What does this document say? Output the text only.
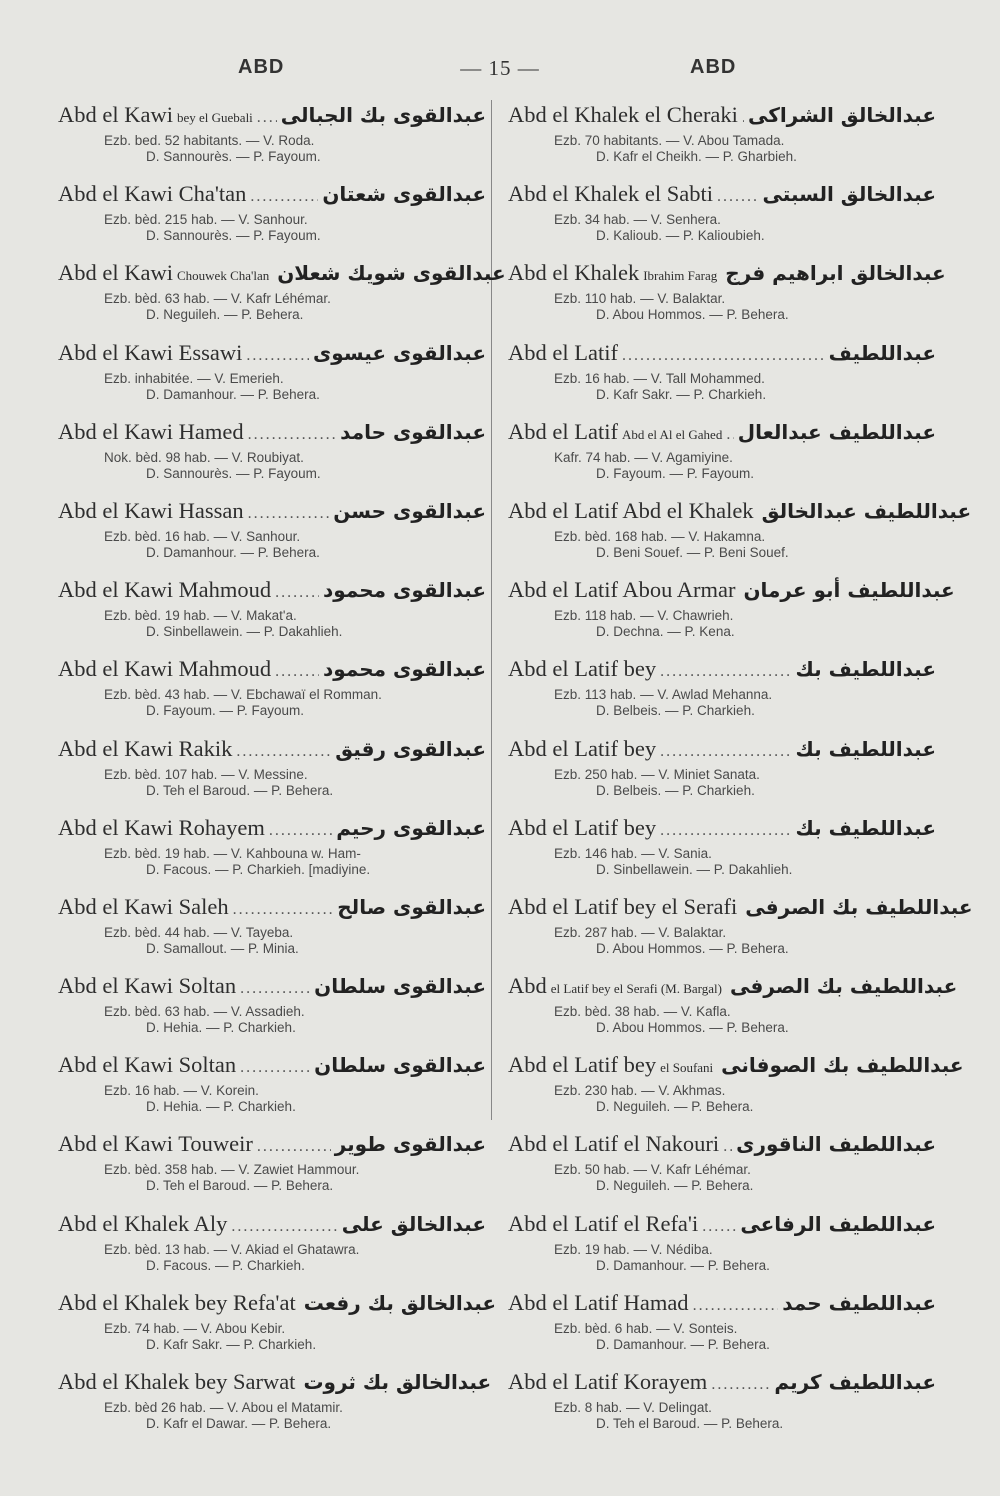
ABD	— 15 —	ABD
Abd el Kawi bey el Guebali ..... عبدالقوى بك الجبالى
Ezb. bed. 52 habitants. — V. Roda.
D. Sannourès. — P. Fayoum.
Abd el Kawi Cha'tan .....	عبدالقوى شعتان
Ezb. bèd. 215 hab. — V. Sanhour.
D. Sannourès. — P. Fayoum.
Abd el Kawi Chouwek Cha'lan عبدالقوى شويك شعلان
Ezb. bèd. 63 hab. — V. Kafr Léhémar.
D. Neguileh. — P. Behera.
Abd el Kawi Essawi .....	عبدالقوى عيسوى
Ezb. inhabitée. — V. Emerieh.
D. Damanhour. — P. Behera.
Abd el Kawi Hamed .....	عبدالقوى حامد
Nok. bèd. 98 hab. — V. Roubiyat.
D. Sannourès. — P. Fayoum.
Abd el Kawi Hassan .....	عبدالقوى حسن
Ezb. bèd. 16 hab. — V. Sanhour.
D. Damanhour. — P. Behera.
Abd el Kawi Mahmoud .....	عبدالقوى محمود
Ezb. bèd. 19 hab. — V. Makat'a.
D. Sinbellawein. — P. Dakahlieh.
Abd el Kawi Mahmoud .....	عبدالقوى محمود
Ezb. bèd. 43 hab. — V. Ebchawaï el Romman.
D. Fayoum. — P. Fayoum.
Abd el Kawi Rakik .....	عبدالقوى رقيق
Ezb. bèd. 107 hab. — V. Messine.
D. Teh el Baroud. — P. Behera.
Abd el Kawi Rohayem .....	عبدالقوى رحيم
Ezb. bèd. 19 hab. — V. Kahbouna w. Ham-
D. Facous. — P. Charkieh. [madiyine.
Abd el Kawi Saleh .....	عبدالقوى صالح
Ezb. bèd. 44 hab. — V. Tayeba.
D. Samallout. — P. Minia.
Abd el Kawi Soltan .....	عبدالقوى سلطان
Ezb. bèd. 63 hab. — V. Assadieh.
D. Hehia. — P. Charkieh.
Abd el Kawi Soltan .....	عبدالقوى سلطان
Ezb. 16 hab. — V. Korein.
D. Hehia. — P. Charkieh.
Abd el Kawi Touweir .....	عبدالقوى طوير
Ezb. bèd. 358 hab. — V. Zawiet Hammour.
D. Teh el Baroud. — P. Behera.
Abd el Khalek Aly .....	عبدالخالق على
Ezb. bèd. 13 hab. — V. Akiad el Ghatawra.
D. Facous. — P. Charkieh.
Abd el Khalek bey Refa'at عبدالخالق بك رفعت
Ezb. 74 hab. — V. Abou Kebir.
D. Kafr Sakr. — P. Charkieh.
Abd el Khalek bey Sarwat عبدالخالق بك ثروت
Ezb. bèd 26 hab. — V. Abou el Matamir.
D. Kafr el Dawar. — P. Behera.
Abd el Khalek el Cheraki ..... عبدالخالق الشراكى
Ezb. 70 habitants. — V. Abou Tamada.
D. Kafr el Cheikh. — P. Gharbieh.
Abd el Khalek el Sabti ..... عبدالخالق السبتى
Ezb. 34 hab. — V. Senhera.
D. Kalioub. — P. Kalioubieh.
Abd el Khalek Ibrahim Farag عبدالخالق ابراهيم فرج
Ezb. 110 hab. — V. Balaktar.
D. Abou Hommos. — P. Behera.
Abd el Latif .....	عبداللطيف
Ezb. 16 hab. — V. Tall Mohammed.
D. Kafr Sakr. — P. Charkieh.
Abd el Latif Abd el Al el Gahed ..... عبداللطيف عبدالعال
Kafr. 74 hab. — V. Agamiyine.
D. Fayoum. — P. Fayoum.
Abd el Latif Abd el Khalek عبداللطيف عبدالخالق
Ezb. bèd. 168 hab. — V. Hakamna.
D. Beni Souef. — P. Beni Souef.
Abd el Latif Abou Armar عبداللطيف أبو عرمان
Ezb. 118 hab. — V. Chawrieh.
D. Dechna. — P. Kena.
Abd el Latif bey .....	عبداللطيف بك
Ezb. 113 hab. — V. Awlad Mehanna.
D. Belbeis. — P. Charkieh.
Abd el Latif bey .....	عبداللطيف بك
Ezb. 250 hab. — V. Miniet Sanata.
D. Belbeis. — P. Charkieh.
Abd el Latif bey .....	عبداللطيف بك
Ezb. 146 hab. — V. Sania.
D. Sinbellawein. — P. Dakahlieh.
Abd el Latif bey el Serafi عبداللطيف بك الصرفى
Ezb. 287 hab. — V. Balaktar.
D. Abou Hommos. — P. Behera.
Abd el Latif bey el Serafi (M. Bargal) عبداللطيف بك الصرفى
Ezb. bèd. 38 hab. — V. Kafla.
D. Abou Hommos. — P. Behera.
Abd el Latif bey el Soufani عبداللطيف بك الصوفانى
Ezb. 230 hab. — V. Akhmas.
D. Neguileh. — P. Behera.
Abd el Latif el Nakouri ..... عبداللطيف الناقورى
Ezb. 50 hab. — V. Kafr Léhémar.
D. Neguileh. — P. Behera.
Abd el Latif el Refa'i ..... عبداللطيف الرفاعى
Ezb. 19 hab. — V. Nédiba.
D. Damanhour. — P. Behera.
Abd el Latif Hamad .....	عبداللطيف حمد
Ezb. bèd. 6 hab. — V. Sonteis.
D. Damanhour. — P. Behera.
Abd el Latif Korayem .....	عبداللطيف كريم
Ezb. 8 hab. — V. Delingat.
D. Teh el Baroud. — P. Behera.
